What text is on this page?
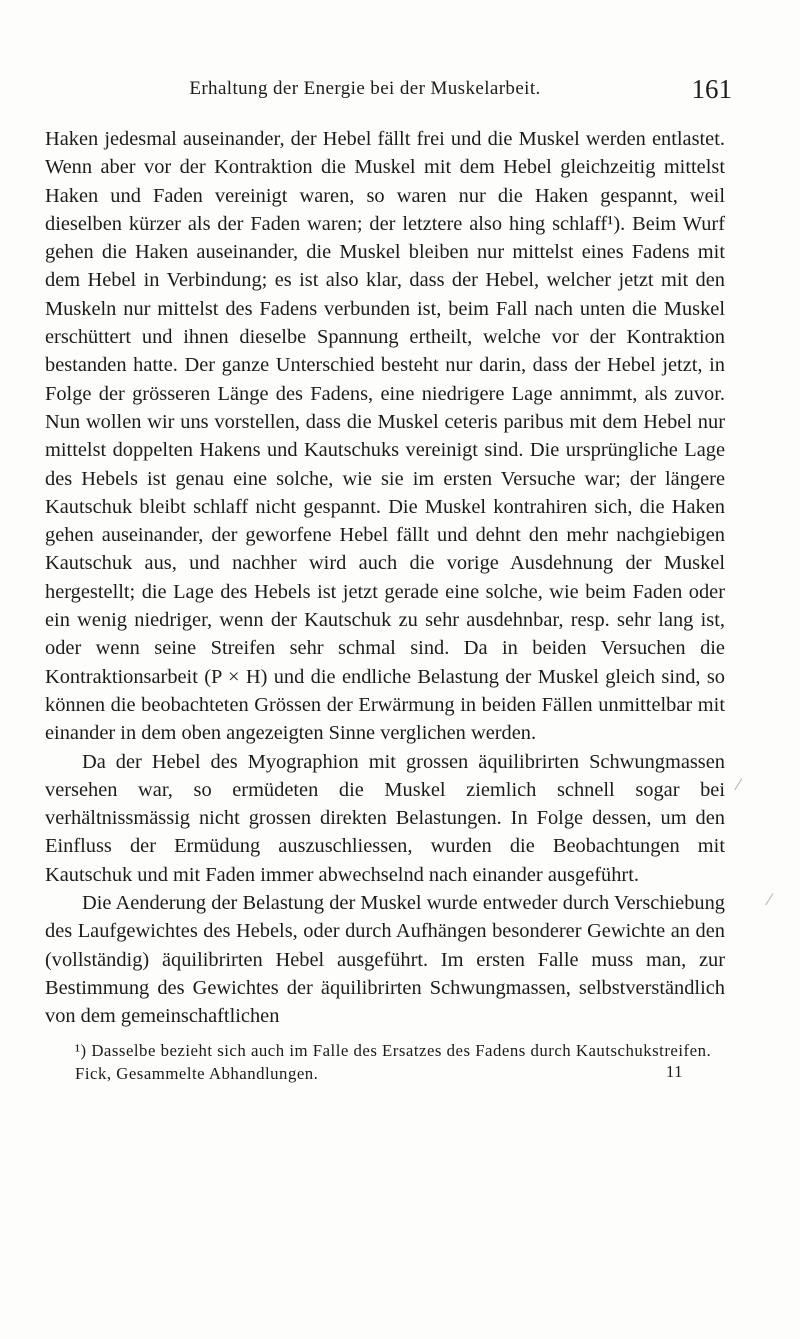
Erhaltung der Energie bei der Muskelarbeit.	161

Haken jedesmal auseinander, der Hebel fällt frei und die Muskel werden entlastet. Wenn aber vor der Kontraktion die Muskel mit dem Hebel gleichzeitig mittelst Haken und Faden vereinigt waren, so waren nur die Haken gespannt, weil dieselben kürzer als der Faden waren; der letztere also hing schlaff¹). Beim Wurf gehen die Haken auseinander, die Muskel bleiben nur mittelst eines Fadens mit dem Hebel in Verbindung; es ist also klar, dass der Hebel, welcher jetzt mit den Muskeln nur mittelst des Fadens verbunden ist, beim Fall nach unten die Muskel erschüttert und ihnen dieselbe Spannung ertheilt, welche vor der Kontraktion bestanden hatte. Der ganze Unterschied besteht nur darin, dass der Hebel jetzt, in Folge der grösseren Länge des Fadens, eine niedrigere Lage annimmt, als zuvor. Nun wollen wir uns vorstellen, dass die Muskel ceteris paribus mit dem Hebel nur mittelst doppelten Hakens und Kautschuks vereinigt sind. Die ursprüngliche Lage des Hebels ist genau eine solche, wie sie im ersten Versuche war; der längere Kautschuk bleibt schlaff nicht gespannt. Die Muskel kontrahiren sich, die Haken gehen auseinander, der geworfene Hebel fällt und dehnt den mehr nachgiebigen Kautschuk aus, und nachher wird auch die vorige Ausdehnung der Muskel hergestellt; die Lage des Hebels ist jetzt gerade eine solche, wie beim Faden oder ein wenig niedriger, wenn der Kautschuk zu sehr ausdehnbar, resp. sehr lang ist, oder wenn seine Streifen sehr schmal sind. Da in beiden Versuchen die Kontraktionsarbeit (P × H) und die endliche Belastung der Muskel gleich sind, so können die beobachteten Grössen der Erwärmung in beiden Fällen unmittelbar mit einander in dem oben angezeigten Sinne verglichen werden.

Da der Hebel des Myographion mit grossen äquilibrirten Schwungmassen versehen war, so ermüdeten die Muskel ziemlich schnell sogar bei verhältnissmässig nicht grossen direkten Belastungen. In Folge dessen, um den Einfluss der Ermüdung auszuschliessen, wurden die Beobachtungen mit Kautschuk und mit Faden immer abwechselnd nach einander ausgeführt.

Die Aenderung der Belastung der Muskel wurde entweder durch Verschiebung des Laufgewichtes des Hebels, oder durch Aufhängen besonderer Gewichte an den (vollständig) äquilibrirten Hebel ausgeführt. Im ersten Falle muss man, zur Bestimmung des Gewichtes der äquilibrirten Schwungmassen, selbstverständlich von dem gemeinschaftlichen

¹) Dasselbe bezieht sich auch im Falle des Ersatzes des Fadens durch Kautschukstreifen.

Fick, Gesammelte Abhandlungen.	11
⁄
⁄
